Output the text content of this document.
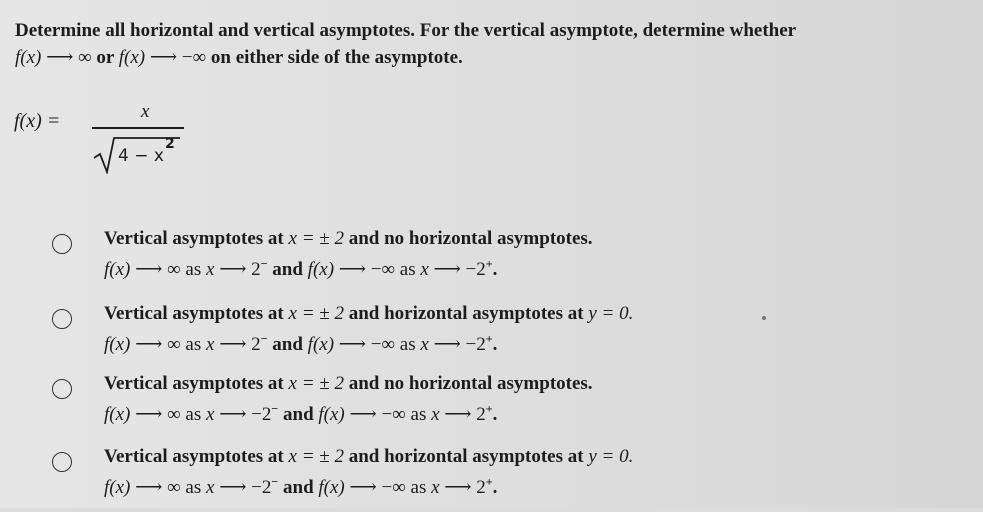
Determine all horizontal and vertical asymptotes. For the vertical asymptote, determine whether
f(x) ⟶ ∞ or f(x) ⟶ −∞ on either side of the asymptote.
f(x) =	x
4 − x
2
Vertical asymptotes at x = ± 2 and no horizontal asymptotes.
f(x) ⟶ ∞ as x ⟶ 2− and f(x) ⟶ −∞ as x ⟶ −2+.
Vertical asymptotes at x = ± 2 and horizontal asymptotes at y = 0.
f(x) ⟶ ∞ as x ⟶ 2− and f(x) ⟶ −∞ as x ⟶ −2+.
Vertical asymptotes at x = ± 2 and no horizontal asymptotes.
f(x) ⟶ ∞ as x ⟶ −2− and f(x) ⟶ −∞ as x ⟶ 2+.
Vertical asymptotes at x = ± 2 and horizontal asymptotes at y = 0.
f(x) ⟶ ∞ as x ⟶ −2− and f(x) ⟶ −∞ as x ⟶ 2+.
